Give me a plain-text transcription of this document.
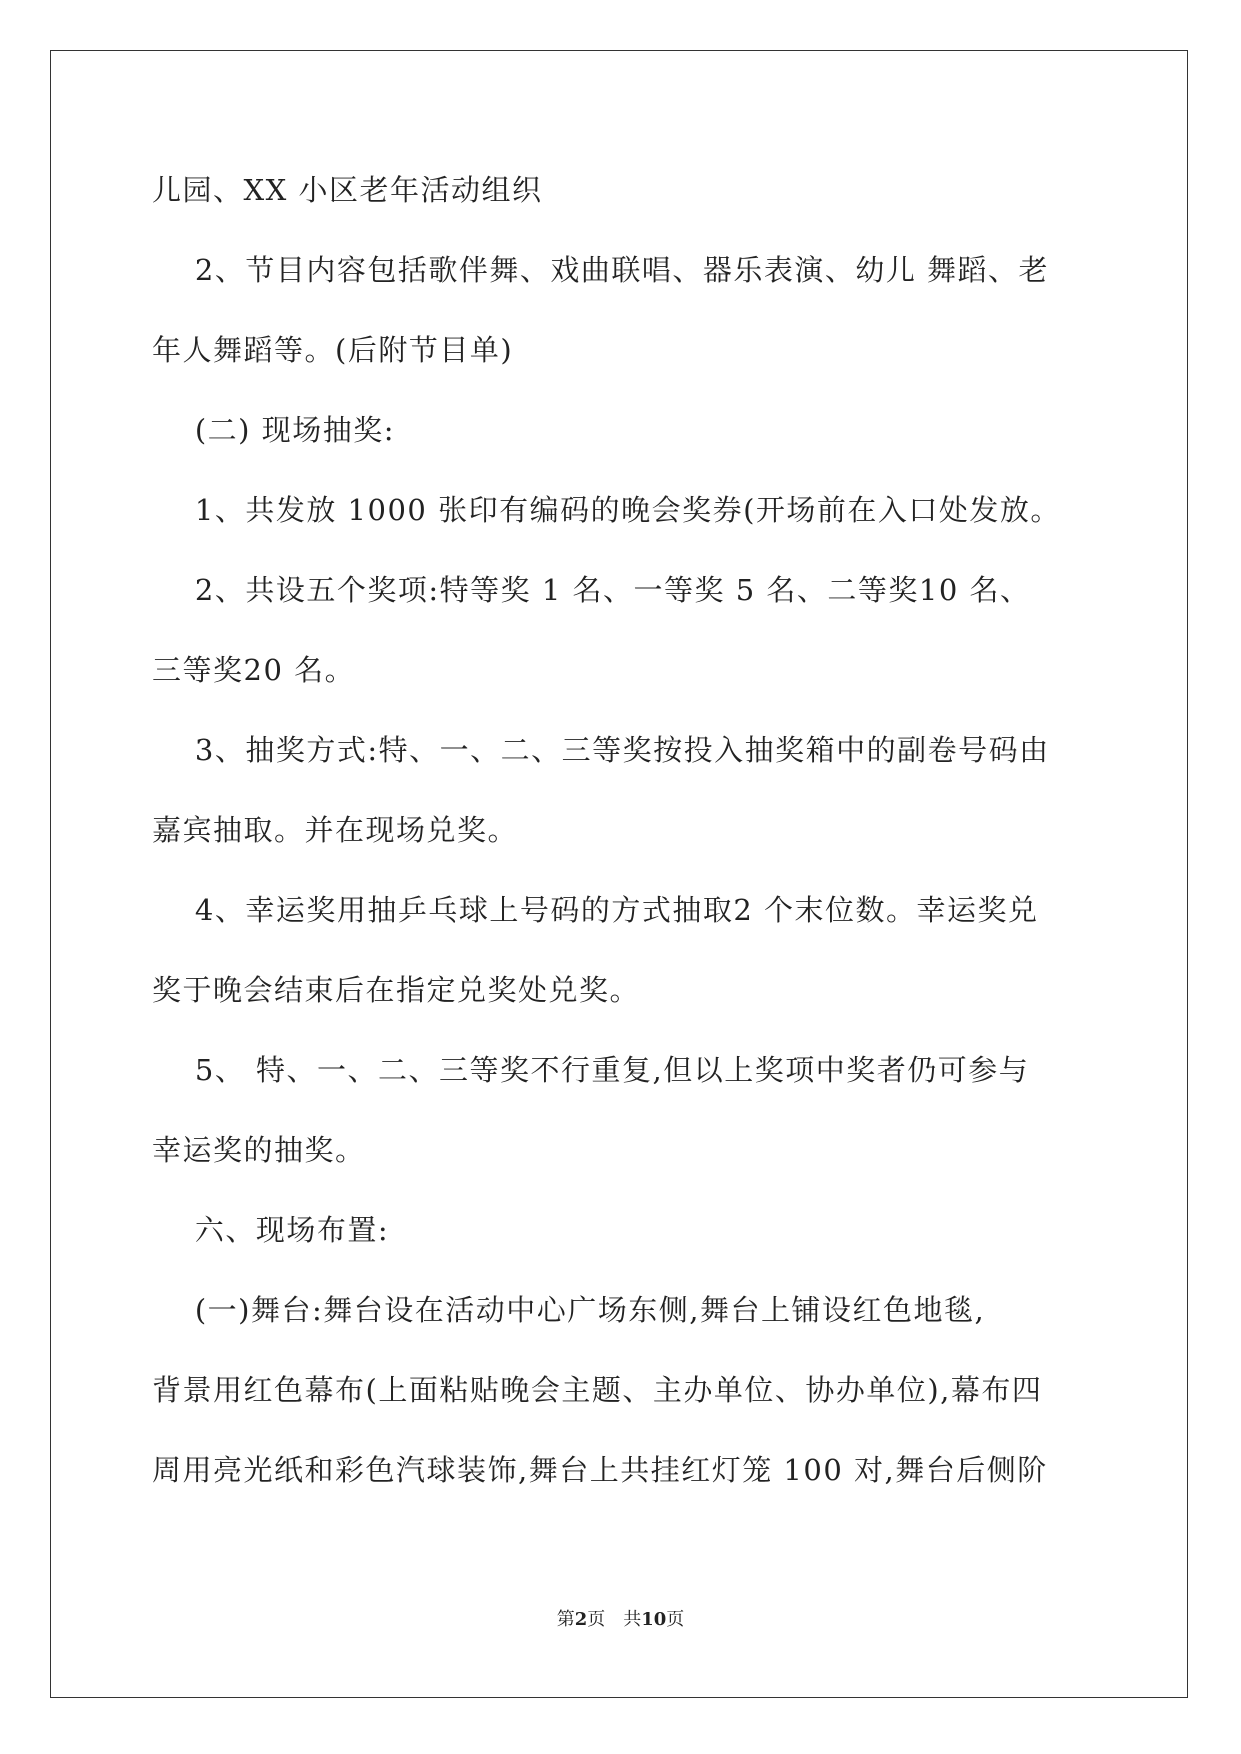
儿园、XX 小区老年活动组织
2、节目内容包括歌伴舞、戏曲联唱、器乐表演、幼儿 舞蹈、老
年人舞蹈等。(后附节目单)
(二) 现场抽奖:
1、共发放 1000 张印有编码的晚会奖券(开场前在入口处发放。
2、共设五个奖项:特等奖 1 名、一等奖 5 名、二等奖10 名、
三等奖20 名。
3、抽奖方式:特、一、二、三等奖按投入抽奖箱中的副卷号码由
嘉宾抽取。并在现场兑奖。
4、幸运奖用抽乒乓球上号码的方式抽取2 个末位数。幸运奖兑
奖于晚会结束后在指定兑奖处兑奖。
5、 特、一、二、三等奖不行重复,但以上奖项中奖者仍可参与
幸运奖的抽奖。
六、现场布置:
(一)舞台:舞台设在活动中心广场东侧,舞台上铺设红色地毯,
背景用红色幕布(上面粘贴晚会主题、主办单位、协办单位),幕布四
周用亮光纸和彩色汽球装饰,舞台上共挂红灯笼 100 对,舞台后侧阶
第2页　共10页
